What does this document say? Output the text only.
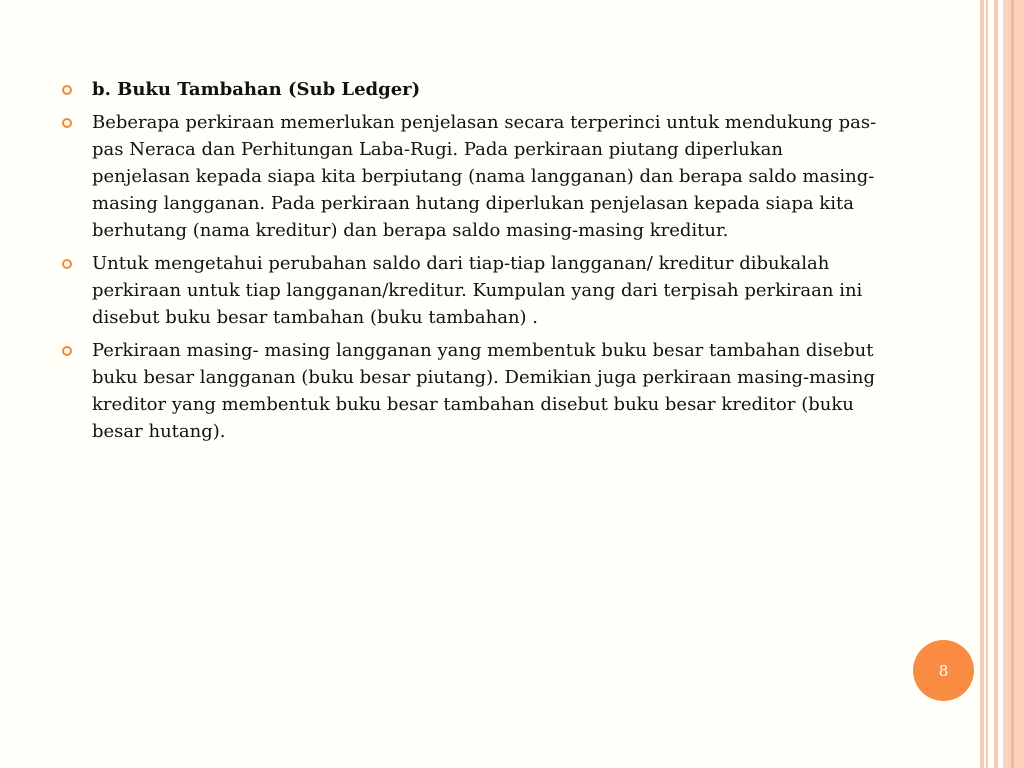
b. Buku Tambahan (Sub Ledger)
Beberapa perkiraan memerlukan penjelasan secara terperinci untuk mendukung pas-pas Neraca dan Perhitungan Laba-Rugi. Pada perkiraan piutang diperlukan penjelasan kepada siapa kita berpiutang (nama langganan) dan berapa saldo masing-masing langganan. Pada perkiraan hutang diperlukan penjelasan kepada siapa kita berhutang (nama kreditur) dan berapa saldo masing-masing kreditur.
Untuk mengetahui perubahan saldo dari tiap-tiap langganan/ kreditur dibukalah perkiraan untuk tiap langganan/kreditur. Kumpulan yang dari terpisah perkiraan ini disebut buku besar tambahan (buku tambahan) .
Perkiraan masing- masing langganan yang membentuk buku besar tambahan disebut buku besar langganan (buku besar piutang). Demikian juga perkiraan masing-masing kreditor yang membentuk buku besar tambahan disebut buku besar kreditor (buku besar hutang).
8
